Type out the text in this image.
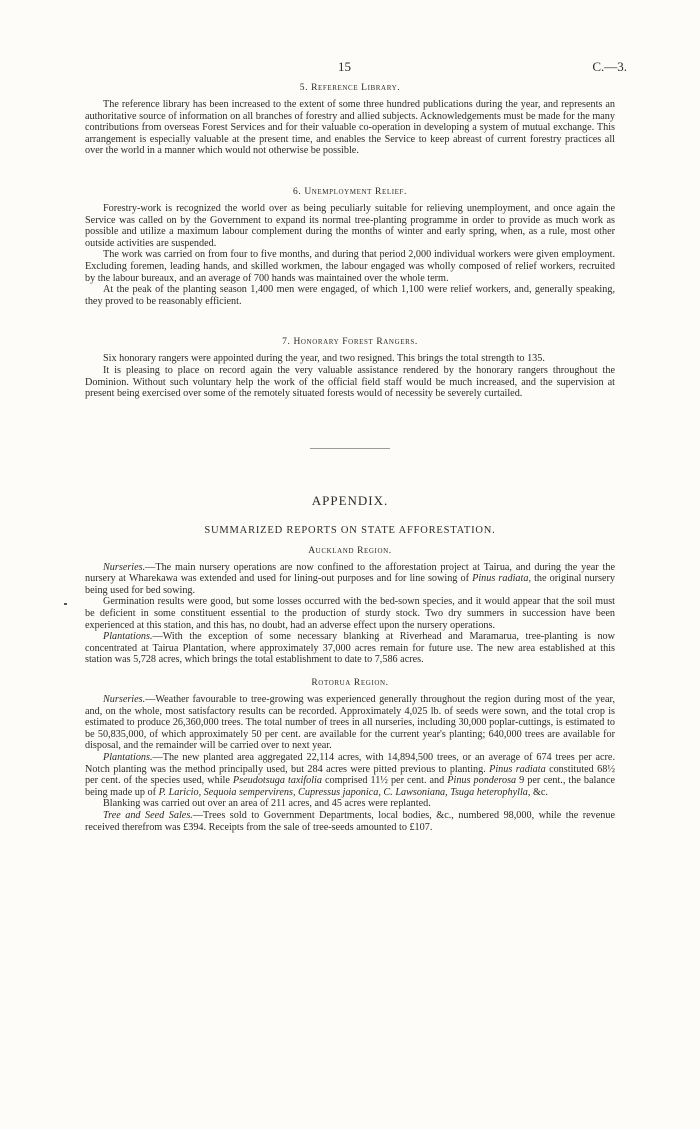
15	C.—3.
5. Reference Library.

The reference library has been increased to the extent of some three hundred publications during the year, and represents an authoritative source of information on all branches of forestry and allied subjects. Acknowledgements must be made for the many contributions from overseas Forest Services and for their valuable co-operation in developing a system of mutual exchange. This arrangement is especially valuable at the present time, and enables the Service to keep abreast of current forestry practices all over the world in a manner which would not otherwise be possible.

6. Unemployment Relief.

Forestry-work is recognized the world over as being peculiarly suitable for relieving unemployment, and once again the Service was called on by the Government to expand its normal tree-planting programme in order to provide as much work as possible and utilize a maximum labour complement during the months of winter and early spring, when, as a rule, most other outside activities are suspended.

The work was carried on from four to five months, and during that period 2,000 individual workers were given employment. Excluding foremen, leading hands, and skilled workmen, the labour engaged was wholly composed of relief workers, recruited by the labour bureaux, and an average of 700 hands was maintained over the whole term.

At the peak of the planting season 1,400 men were engaged, of which 1,100 were relief workers, and, generally speaking, they proved to be reasonably efficient.

7. Honorary Forest Rangers.

Six honorary rangers were appointed during the year, and two resigned. This brings the total strength to 135.

It is pleasing to place on record again the very valuable assistance rendered by the honorary rangers throughout the Dominion. Without such voluntary help the work of the official field staff would be much increased, and the supervision at present being exercised over some of the remotely situated forests would of necessity be severely curtailed.

APPENDIX.
SUMMARIZED REPORTS ON STATE AFFORESTATION.
Auckland Region.

Nurseries.—The main nursery operations are now confined to the afforestation project at Tairua, and during the year the nursery at Wharekawa was extended and used for lining-out purposes and for line sowing of Pinus radiata, the original nursery being used for bed sowing.

Germination results were good, but some losses occurred with the bed-sown species, and it would appear that the soil must be deficient in some constituent essential to the production of sturdy stock. Two dry summers in succession have been experienced at this station, and this has, no doubt, had an adverse effect upon the nursery operations.

Plantations.—With the exception of some necessary blanking at Riverhead and Maramarua, tree-planting is now concentrated at Tairua Plantation, where approximately 37,000 acres remain for future use. The new area established at this station was 5,728 acres, which brings the total establishment to date to 7,586 acres.

Rotorua Region.

Nurseries.—Weather favourable to tree-growing was experienced generally throughout the region during most of the year, and, on the whole, most satisfactory results can be recorded. Approximately 4,025 lb. of seeds were sown, and the total crop is estimated to produce 26,360,000 trees. The total number of trees in all nurseries, including 30,000 poplar-cuttings, is estimated to be 50,835,000, of which approximately 50 per cent. are available for the current year's planting; 640,000 trees are available for disposal, and the remainder will be carried over to next year.

Plantations.—The new planted area aggregated 22,114 acres, with 14,894,500 trees, or an average of 674 trees per acre. Notch planting was the method principally used, but 284 acres were pitted previous to planting. Pinus radiata constituted 68½ per cent. of the species used, while Pseudotsuga taxifolia comprised 11½ per cent. and Pinus ponderosa 9 per cent., the balance being made up of P. Laricio, Sequoia sempervirens, Cupressus japonica, C. Lawsoniana, Tsuga heterophylla, &c.

Blanking was carried out over an area of 211 acres, and 45 acres were replanted.

Tree and Seed Sales.—Trees sold to Government Departments, local bodies, &c., numbered 98,000, while the revenue received therefrom was £394. Receipts from the sale of tree-seeds amounted to £107.
